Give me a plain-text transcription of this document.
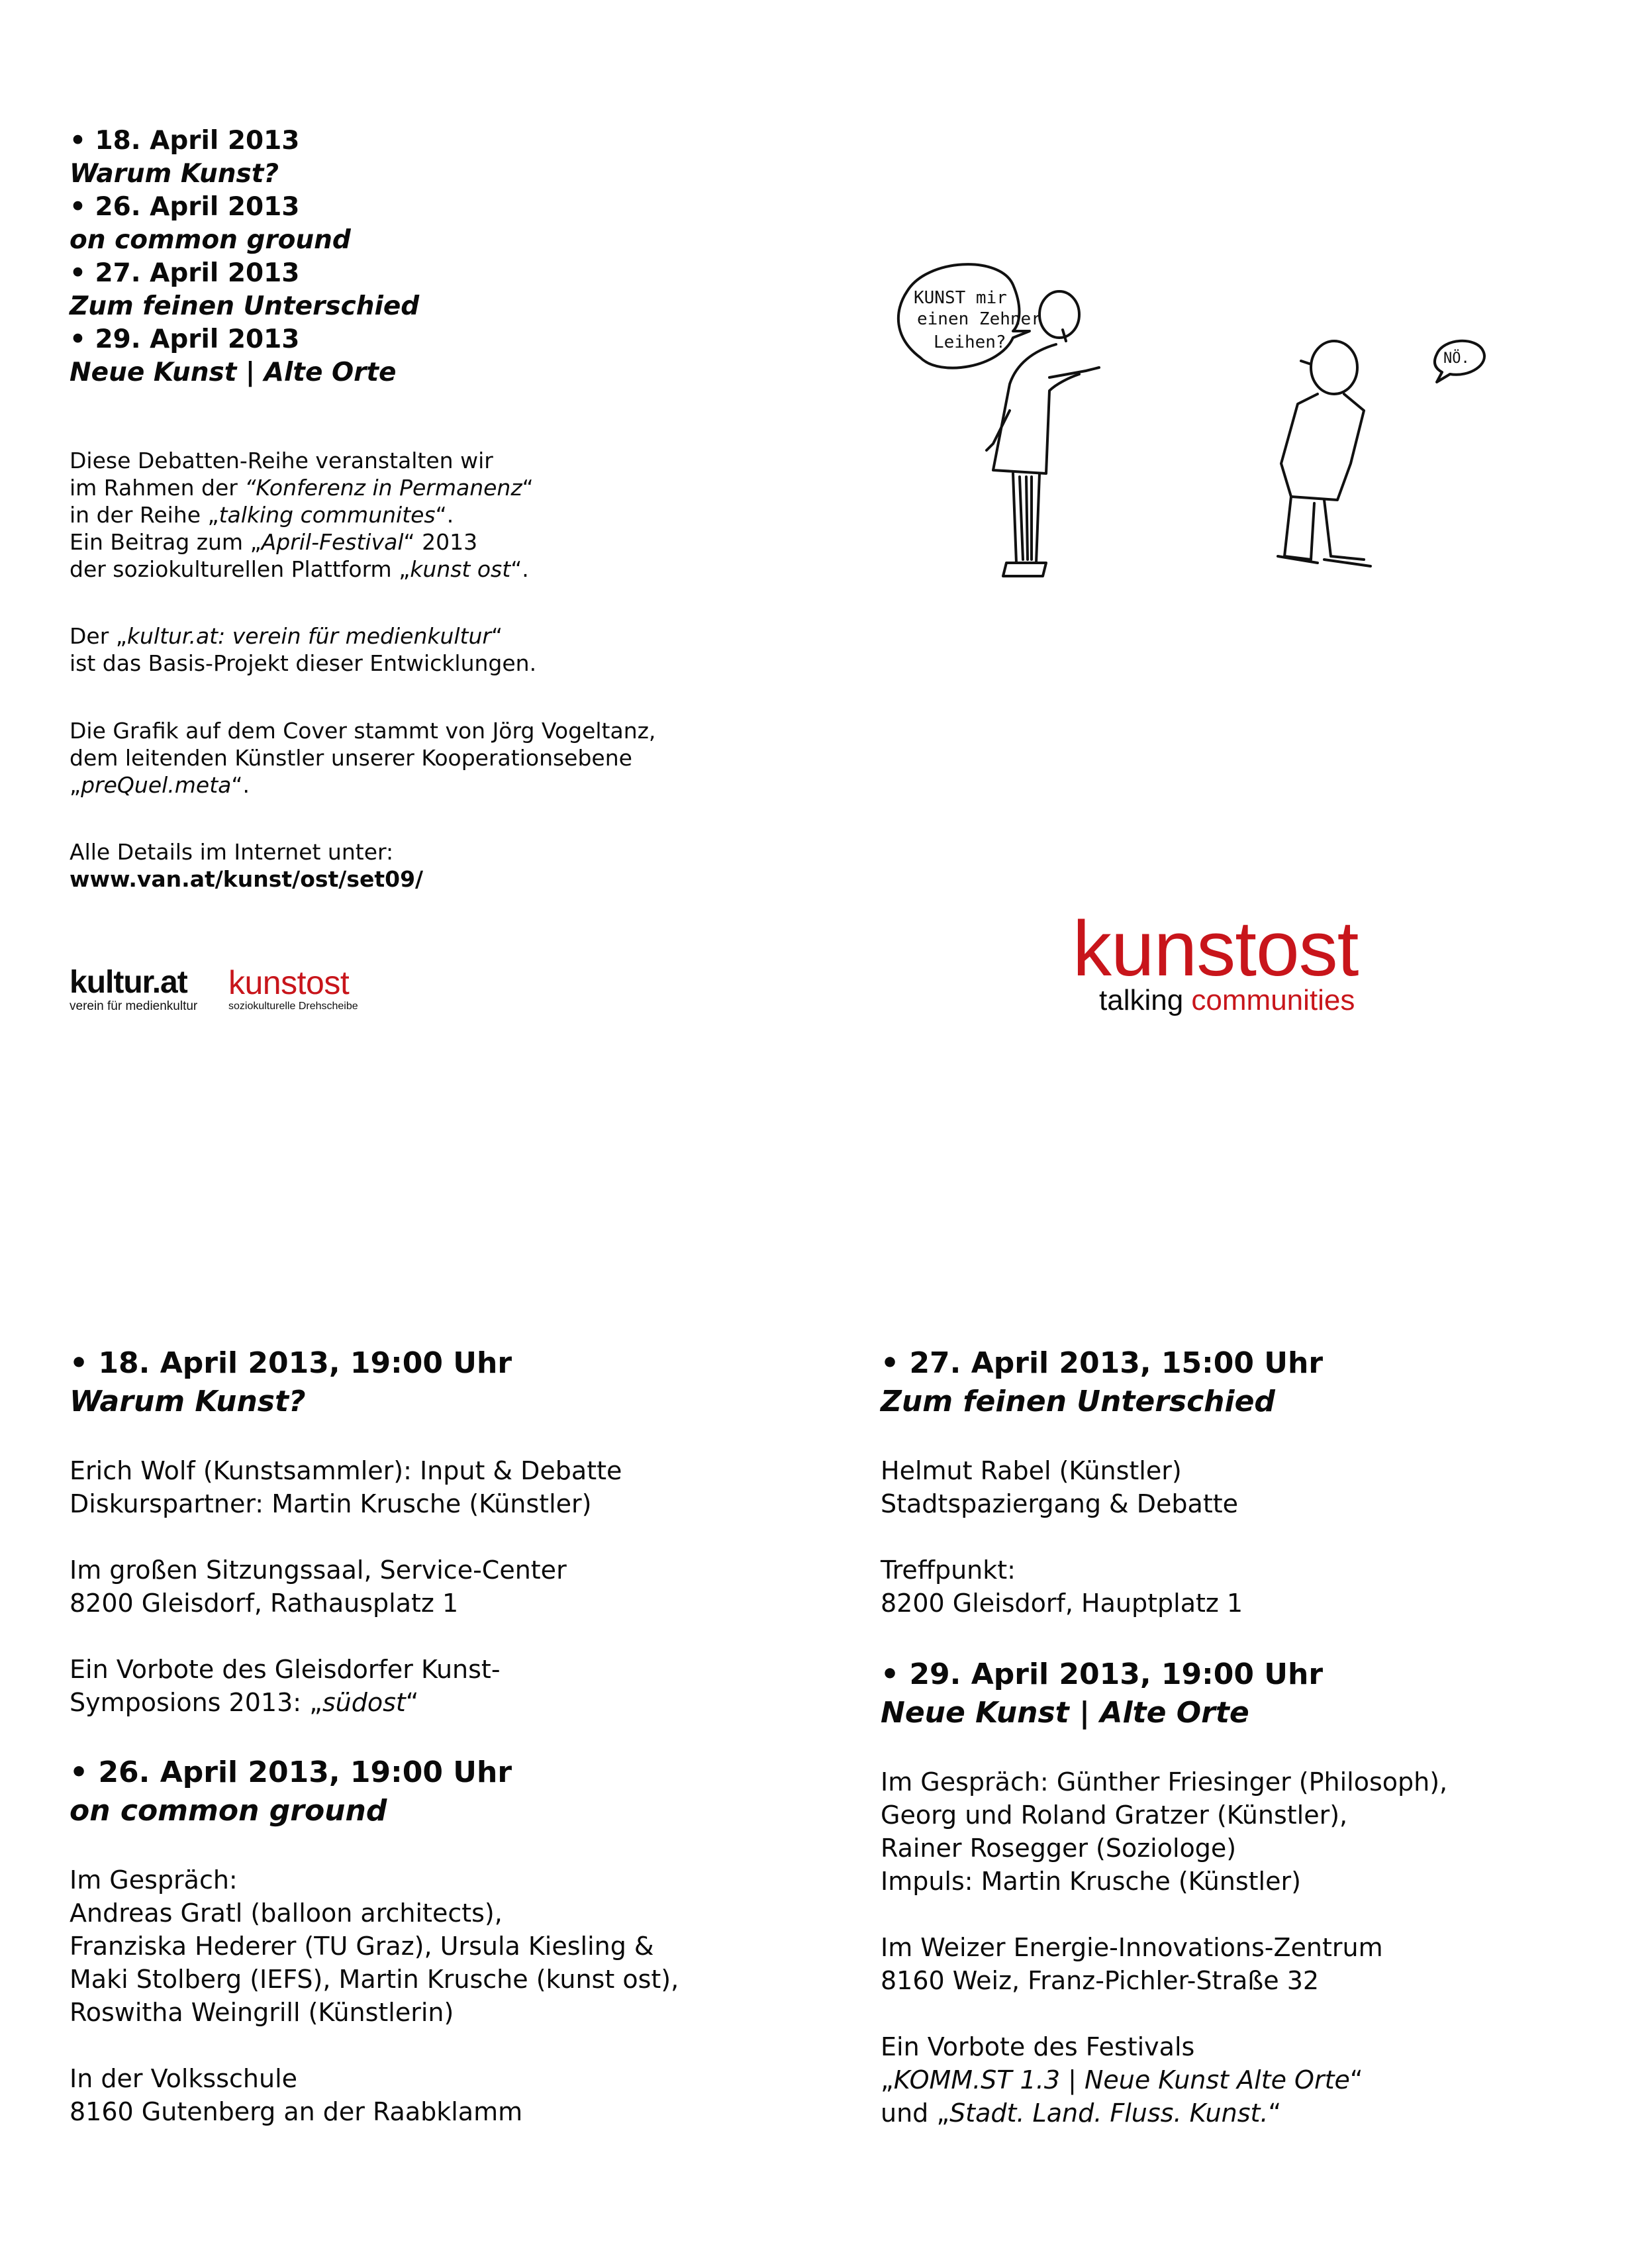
• 18. April 2013
Warum Kunst?
• 26. April 2013
on common ground
• 27. April 2013
Zum feinen Unterschied
• 29. April 2013
Neue Kunst | Alte Orte
Diese Debatten-Reihe veranstalten wir
im Rahmen der “Konferenz in Permanenz“
in der Reihe „talking communites“.
Ein Beitrag zum „April-Festival“ 2013
der soziokulturellen Plattform „kunst ost“.
Der „kultur.at: verein für medienkultur“
ist das Basis-Projekt dieser Entwicklungen.
Die Grafik auf dem Cover stammt von Jörg Vogeltanz,
dem leitenden Künstler unserer Kooperationsebene
„preQuel.meta“.
Alle Details im Internet unter:
www.van.at/kunst/ost/set09/
kultur.at
verein für medienkultur
kunstost
soziokulturelle Drehscheibe
KUNST mir
einen Zehner
Leihen?
NÖ.
kunstost
talking communities
• 18. April 2013, 19:00 Uhr
Warum Kunst?
Erich Wolf (Kunstsammler): Input & Debatte
Diskurspartner: Martin Krusche (Künstler)
Im großen Sitzungssaal, Service-Center
8200 Gleisdorf, Rathausplatz 1
Ein Vorbote des Gleisdorfer Kunst-
Symposions 2013: „südost“
• 26. April 2013, 19:00 Uhr
on common ground
Im Gespräch:
Andreas Gratl (balloon architects),
Franziska Hederer (TU Graz), Ursula Kiesling &
Maki Stolberg (IEFS), Martin Krusche (kunst ost),
Roswitha Weingrill (Künstlerin)
In der Volksschule
8160 Gutenberg an der Raabklamm
• 27. April 2013, 15:00 Uhr
Zum feinen Unterschied
Helmut Rabel (Künstler)
Stadtspaziergang & Debatte
Treffpunkt:
8200 Gleisdorf, Hauptplatz 1
• 29. April 2013, 19:00 Uhr
Neue Kunst | Alte Orte
Im Gespräch: Günther Friesinger (Philosoph),
Georg und Roland Gratzer (Künstler),
Rainer Rosegger (Soziologe)
Impuls: Martin Krusche (Künstler)
Im Weizer Energie-Innovations-Zentrum
8160 Weiz, Franz-Pichler-Straße 32
Ein Vorbote des Festivals
„KOMM.ST 1.3 | Neue Kunst Alte Orte“
und „Stadt. Land. Fluss. Kunst.“
